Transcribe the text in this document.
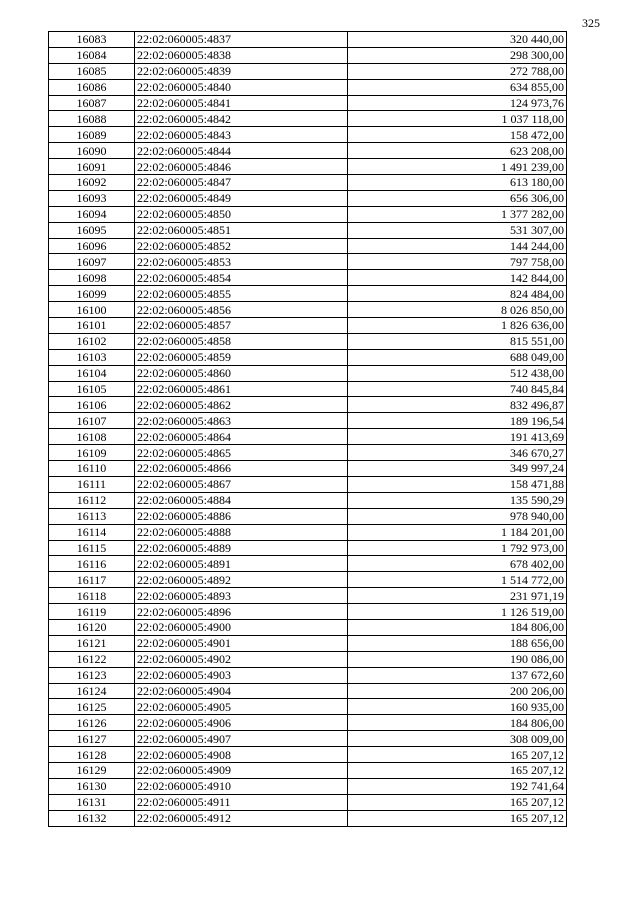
325
16083	22:02:060005:4837	320 440,00
16084	22:02:060005:4838	298 300,00
16085	22:02:060005:4839	272 788,00
16086	22:02:060005:4840	634 855,00
16087	22:02:060005:4841	124 973,76
16088	22:02:060005:4842	1 037 118,00
16089	22:02:060005:4843	158 472,00
16090	22:02:060005:4844	623 208,00
16091	22:02:060005:4846	1 491 239,00
16092	22:02:060005:4847	613 180,00
16093	22:02:060005:4849	656 306,00
16094	22:02:060005:4850	1 377 282,00
16095	22:02:060005:4851	531 307,00
16096	22:02:060005:4852	144 244,00
16097	22:02:060005:4853	797 758,00
16098	22:02:060005:4854	142 844,00
16099	22:02:060005:4855	824 484,00
16100	22:02:060005:4856	8 026 850,00
16101	22:02:060005:4857	1 826 636,00
16102	22:02:060005:4858	815 551,00
16103	22:02:060005:4859	688 049,00
16104	22:02:060005:4860	512 438,00
16105	22:02:060005:4861	740 845,84
16106	22:02:060005:4862	832 496,87
16107	22:02:060005:4863	189 196,54
16108	22:02:060005:4864	191 413,69
16109	22:02:060005:4865	346 670,27
16110	22:02:060005:4866	349 997,24
16111	22:02:060005:4867	158 471,88
16112	22:02:060005:4884	135 590,29
16113	22:02:060005:4886	978 940,00
16114	22:02:060005:4888	1 184 201,00
16115	22:02:060005:4889	1 792 973,00
16116	22:02:060005:4891	678 402,00
16117	22:02:060005:4892	1 514 772,00
16118	22:02:060005:4893	231 971,19
16119	22:02:060005:4896	1 126 519,00
16120	22:02:060005:4900	184 806,00
16121	22:02:060005:4901	188 656,00
16122	22:02:060005:4902	190 086,00
16123	22:02:060005:4903	137 672,60
16124	22:02:060005:4904	200 206,00
16125	22:02:060005:4905	160 935,00
16126	22:02:060005:4906	184 806,00
16127	22:02:060005:4907	308 009,00
16128	22:02:060005:4908	165 207,12
16129	22:02:060005:4909	165 207,12
16130	22:02:060005:4910	192 741,64
16131	22:02:060005:4911	165 207,12
16132	22:02:060005:4912	165 207,12
